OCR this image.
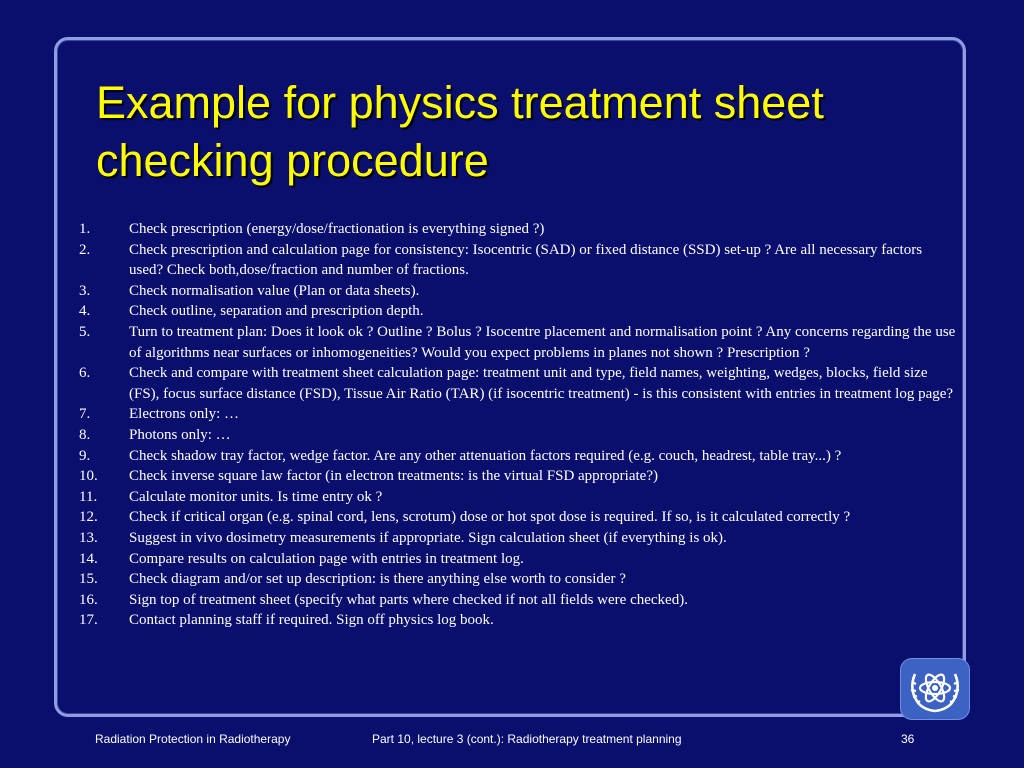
Example for physics treatment sheet checking procedure
1.	Check prescription (energy/dose/fractionation is everything signed ?)
2.	Check prescription and calculation page for consistency: Isocentric (SAD) or fixed distance (SSD) set-up ? Are all necessary factors used? Check both,dose/fraction and number of fractions.
3.	Check normalisation value (Plan or data sheets).
4.	Check outline, separation and prescription depth.
5.	Turn to treatment plan: Does it look ok ? Outline ? Bolus ? Isocentre placement and normalisation point ? Any concerns regarding the use of algorithms near surfaces or inhomogeneities? Would you expect problems in planes not shown ? Prescription ?
6.	Check and compare with treatment sheet calculation page: treatment unit and type, field names, weighting, wedges, blocks, field size (FS), focus surface distance (FSD), Tissue Air Ratio (TAR) (if isocentric treatment) - is this consistent with entries in treatment log page?
7.	Electrons only: …
8.	Photons only: …
9.	Check shadow tray factor, wedge factor. Are any other attenuation factors required (e.g. couch, headrest, table tray...) ?
10.	Check inverse square law factor (in electron treatments: is the virtual FSD appropriate?)
11.	Calculate monitor units. Is time entry ok ?
12.	Check if critical organ (e.g. spinal cord, lens, scrotum) dose or hot spot dose is required. If so, is it calculated correctly ?
13.	Suggest in vivo dosimetry measurements if appropriate. Sign calculation sheet (if everything is ok).
14.	Compare results on calculation page with entries in treatment log.
15.	Check diagram and/or set up description: is there anything else worth to consider ?
16.	Sign top of treatment sheet (specify what parts where checked if not all fields were checked).
17.	Contact planning staff if required. Sign off physics log book.
Radiation Protection in Radiotherapy	Part 10, lecture 3 (cont.): Radiotherapy treatment planning	36
